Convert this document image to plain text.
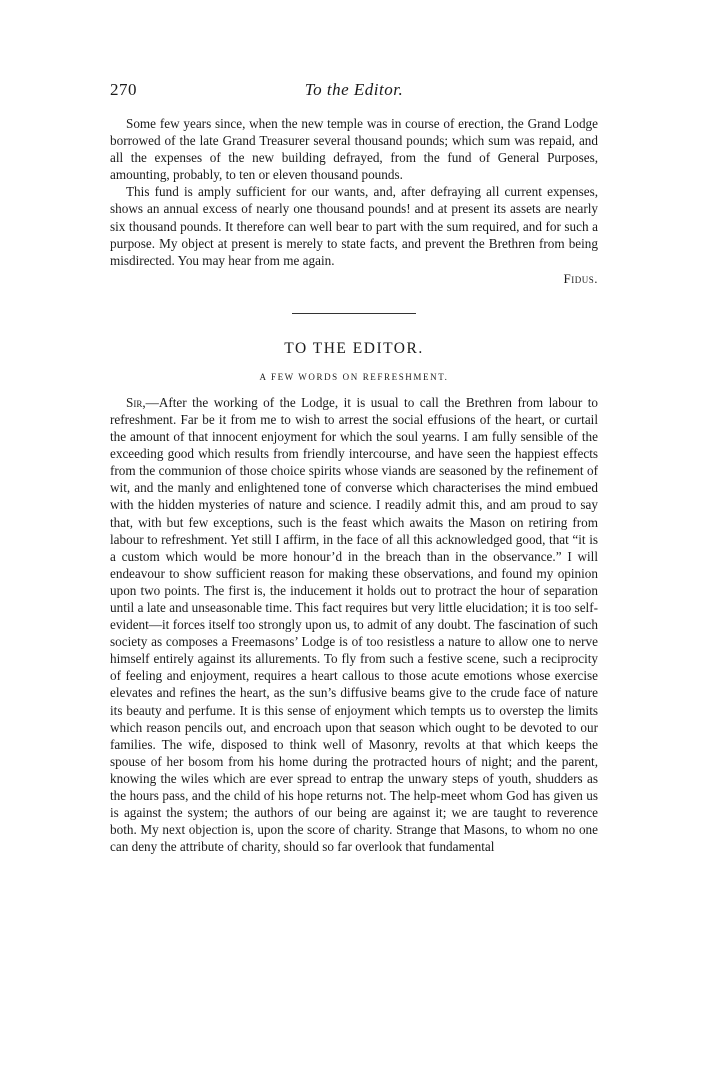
270	To the Editor.

Some few years since, when the new temple was in course of erection, the Grand Lodge borrowed of the late Grand Treasurer several thousand pounds; which sum was repaid, and all the expenses of the new building defrayed, from the fund of General Purposes, amounting, probably, to ten or eleven thousand pounds.

This fund is amply sufficient for our wants, and, after defraying all current expenses, shows an annual excess of nearly one thousand pounds! and at present its assets are nearly six thousand pounds. It therefore can well bear to part with the sum required, and for such a purpose. My object at present is merely to state facts, and prevent the Brethren from being misdirected. You may hear from me again.

Fidus.
TO THE EDITOR.
A FEW WORDS ON REFRESHMENT.

Sir,—After the working of the Lodge, it is usual to call the Brethren from labour to refreshment. Far be it from me to wish to arrest the social effusions of the heart, or curtail the amount of that innocent enjoyment for which the soul yearns. I am fully sensible of the exceeding good which results from friendly intercourse, and have seen the happiest effects from the communion of those choice spirits whose viands are seasoned by the refinement of wit, and the manly and enlightened tone of converse which characterises the mind embued with the hidden mysteries of nature and science. I readily admit this, and am proud to say that, with but few exceptions, such is the feast which awaits the Mason on retiring from labour to refreshment. Yet still I affirm, in the face of all this acknowledged good, that “it is a custom which would be more honour’d in the breach than in the observance.” I will endeavour to show sufficient reason for making these observations, and found my opinion upon two points. The first is, the inducement it holds out to protract the hour of separation until a late and unseasonable time. This fact requires but very little elucidation; it is too self-evident—it forces itself too strongly upon us, to admit of any doubt. The fascination of such society as composes a Freemasons’ Lodge is of too resistless a nature to allow one to nerve himself entirely against its allurements. To fly from such a festive scene, such a reciprocity of feeling and enjoyment, requires a heart callous to those acute emotions whose exercise elevates and refines the heart, as the sun’s diffusive beams give to the crude face of nature its beauty and perfume. It is this sense of enjoyment which tempts us to overstep the limits which reason pencils out, and encroach upon that season which ought to be devoted to our families. The wife, disposed to think well of Masonry, revolts at that which keeps the spouse of her bosom from his home during the protracted hours of night; and the parent, knowing the wiles which are ever spread to entrap the unwary steps of youth, shudders as the hours pass, and the child of his hope returns not. The help-meet whom God has given us is against the system; the authors of our being are against it; we are taught to reverence both. My next objection is, upon the score of charity. Strange that Masons, to whom no one can deny the attribute of charity, should so far overlook that fundamental
